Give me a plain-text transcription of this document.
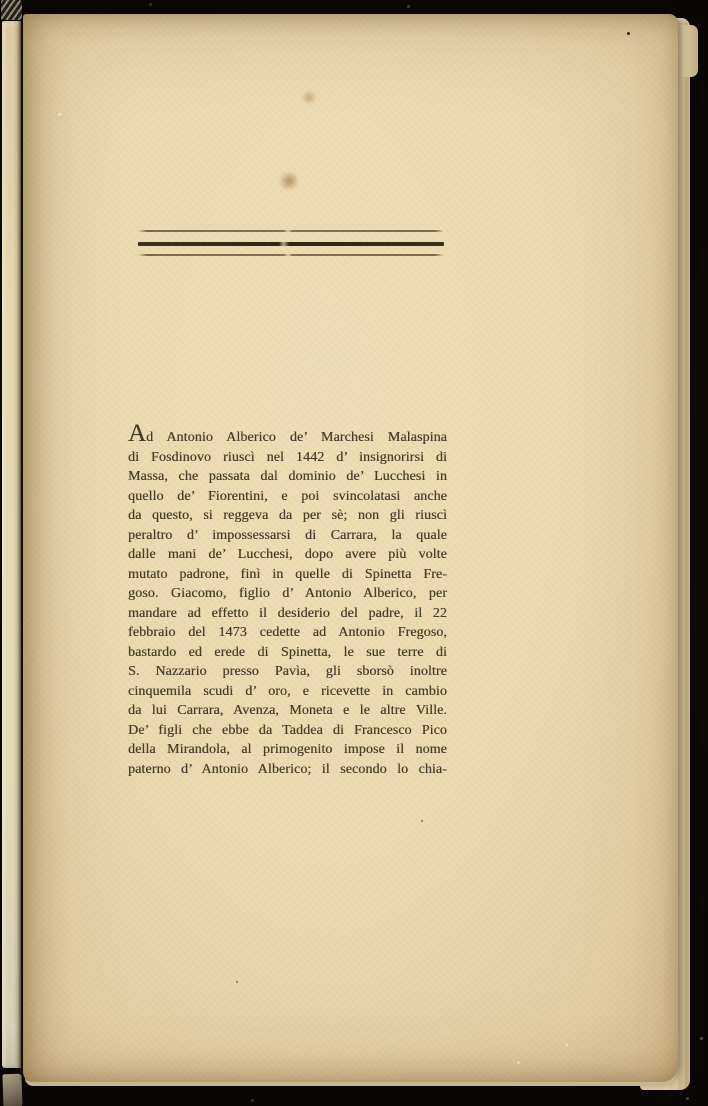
Ad Antonio Alberico de’ Marchesi Malaspina
di Fosdinovo riuscì nel 1442 d’ insignorirsi di
Massa, che passata dal dominio de’ Lucchesi in
quello de’ Fiorentini, e poi svincolatasi anche
da questo, si reggeva da per sè; non gli riuscì
peraltro d’ impossessarsi di Carrara, la quale
dalle mani de’ Lucchesi, dopo avere più volte
mutato padrone, finì in quelle di Spinetta Fre-
goso. Giacomo, figlio d’ Antonio Alberico, per
mandare ad effetto il desiderio del padre, il 22
febbraio del 1473 cedette ad Antonio Fregoso,
bastardo ed erede di Spinetta, le sue terre di
S. Nazzario presso Pavìa, gli sborsò inoltre
cinquemila scudi d’ oro, e ricevette in cambio
da lui Carrara, Avenza, Moneta e le altre Ville.
De’ figli che ebbe da Taddea di Francesco Pico
della Mirandola, al primogenito impose il nome
paterno d’ Antonio Alberico; il secondo lo chia-
